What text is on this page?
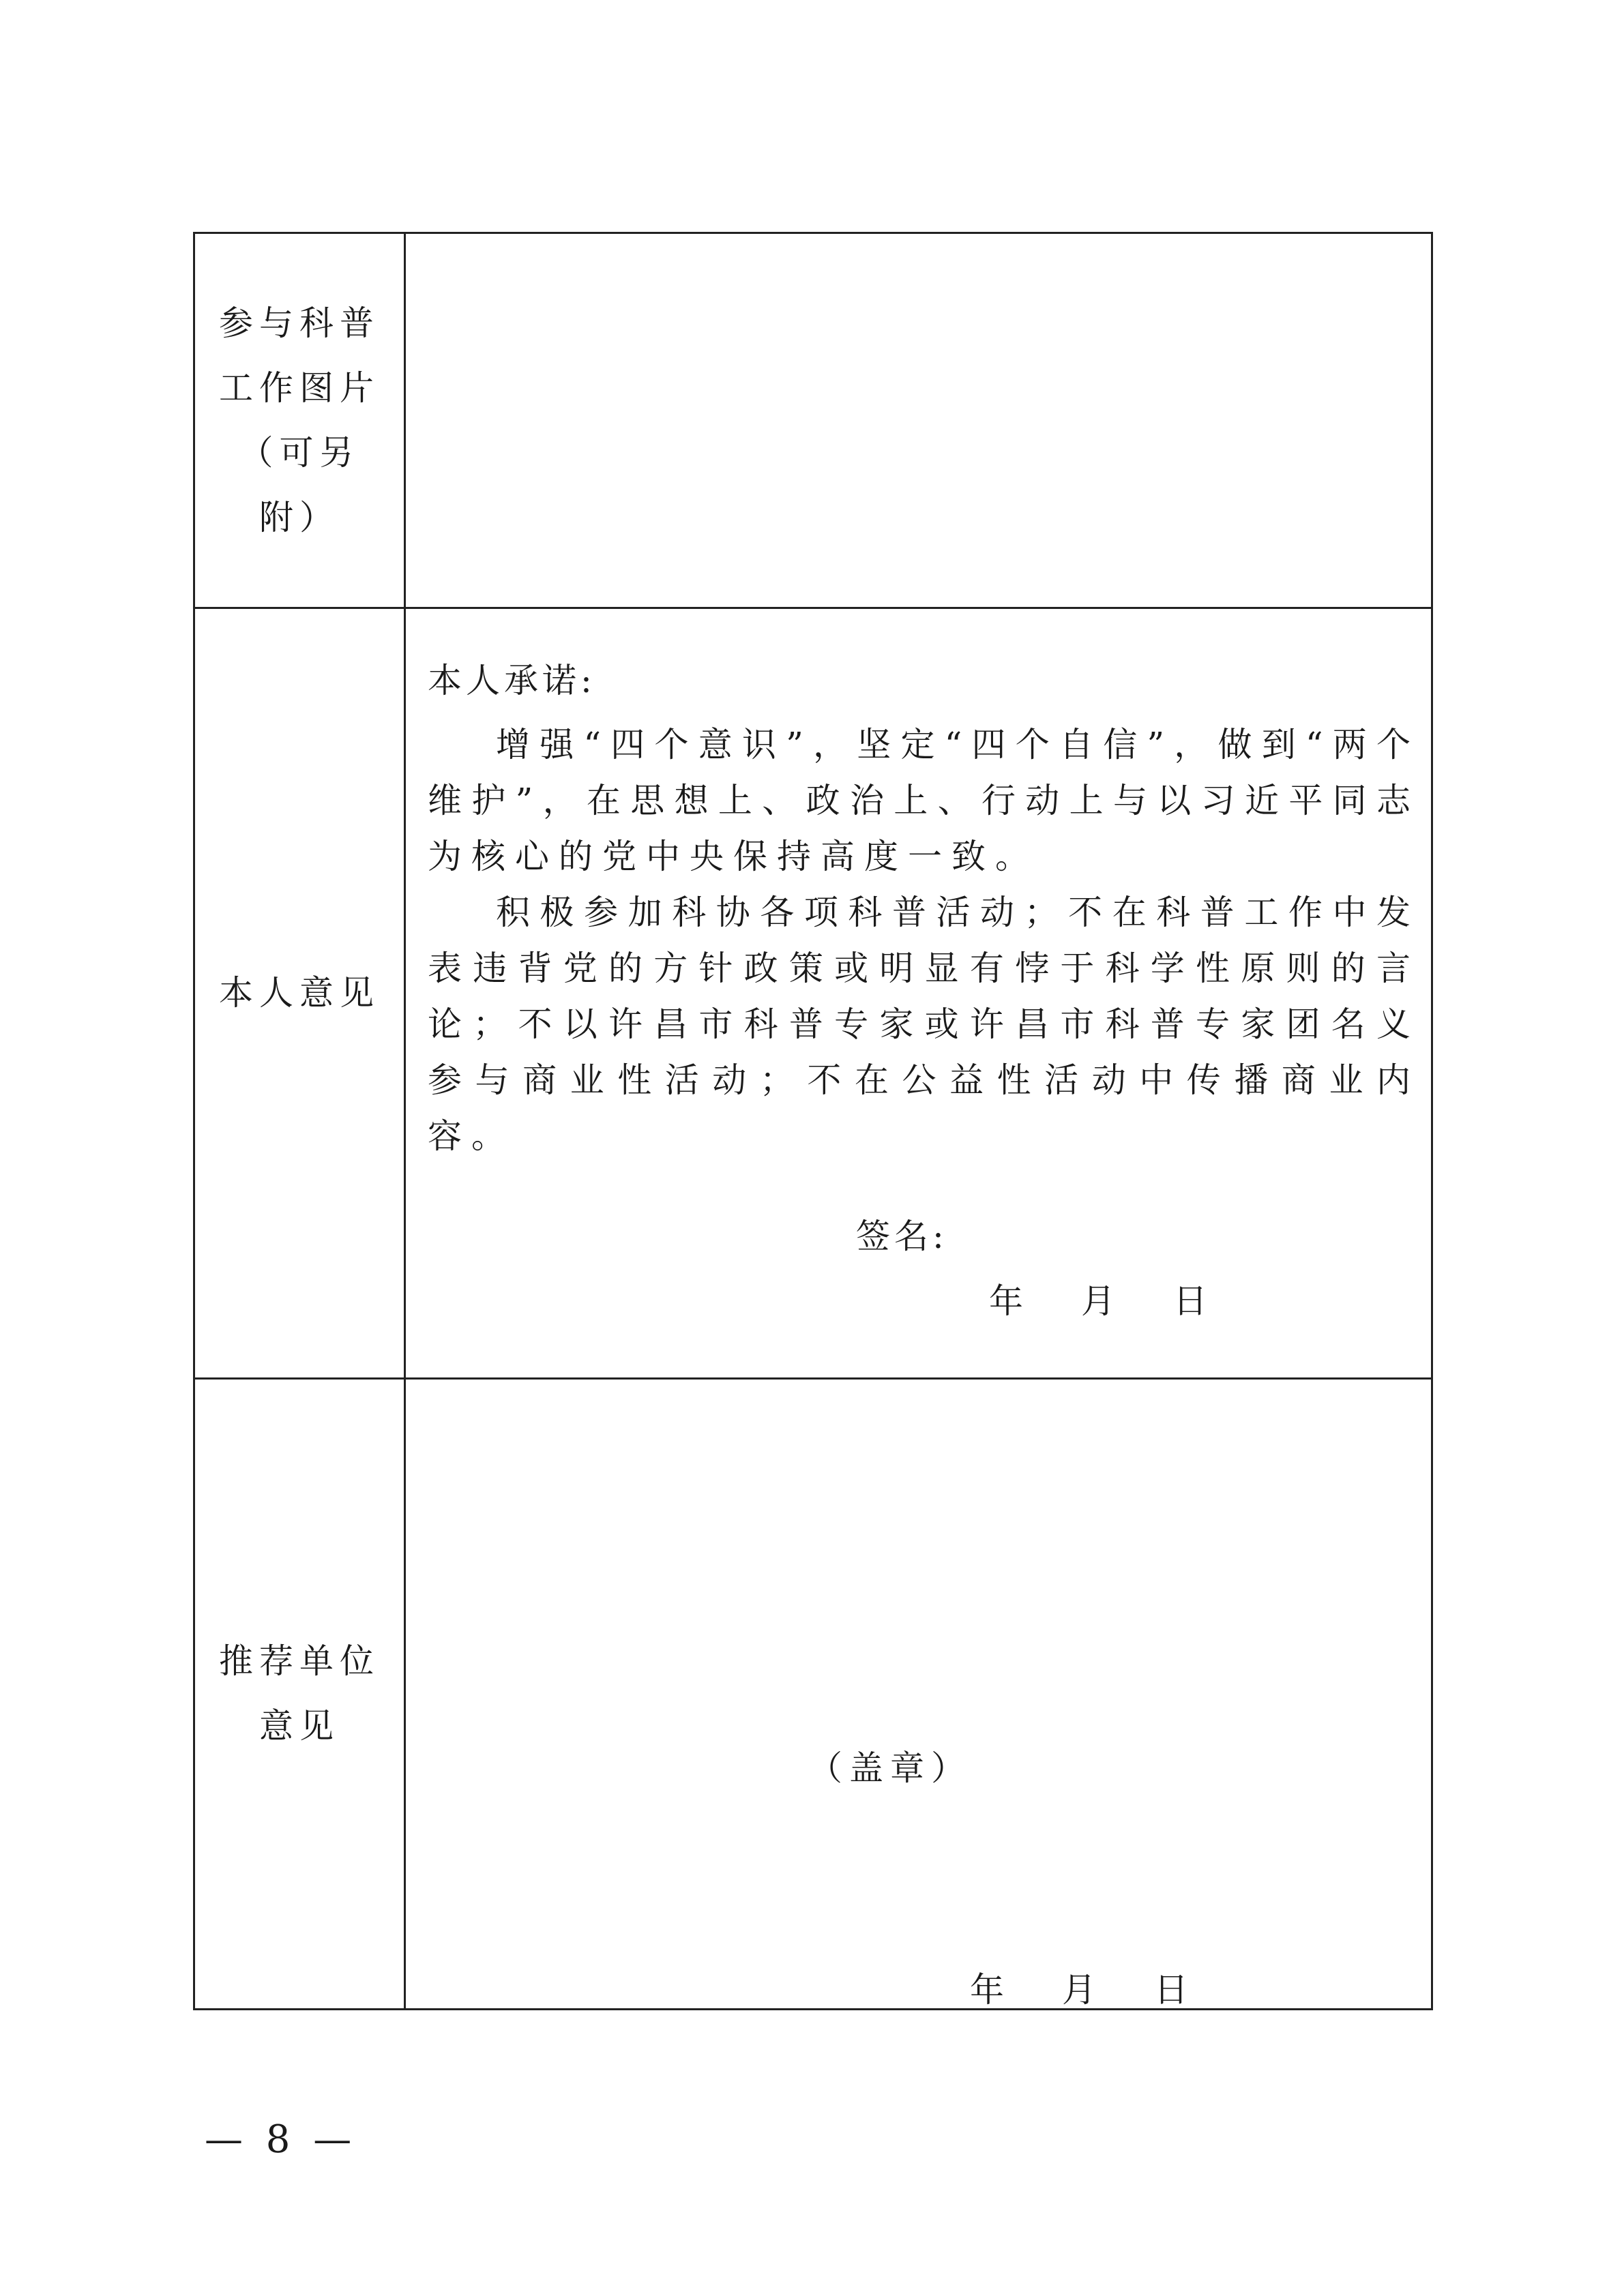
参与科普工作图片（可另附）	
本人意见	本人承诺:

增强“四个意识”，坚定“四个自信”，做到“两个维护”，在思想上、政治上、行动上与以习近平同志为核心的党中央保持高度一致。

积极参加科协各项科普活动；不在科普工作中发表违背党的方针政策或明显有悖于科学性原则的言论；不以许昌市科普专家或许昌市科普专家团名义参与商业性活动；不在公益性活动中传播商业内容。

签名:
年 月 日

推荐单位意见	（盖章）
年 月 日
— 8 —
